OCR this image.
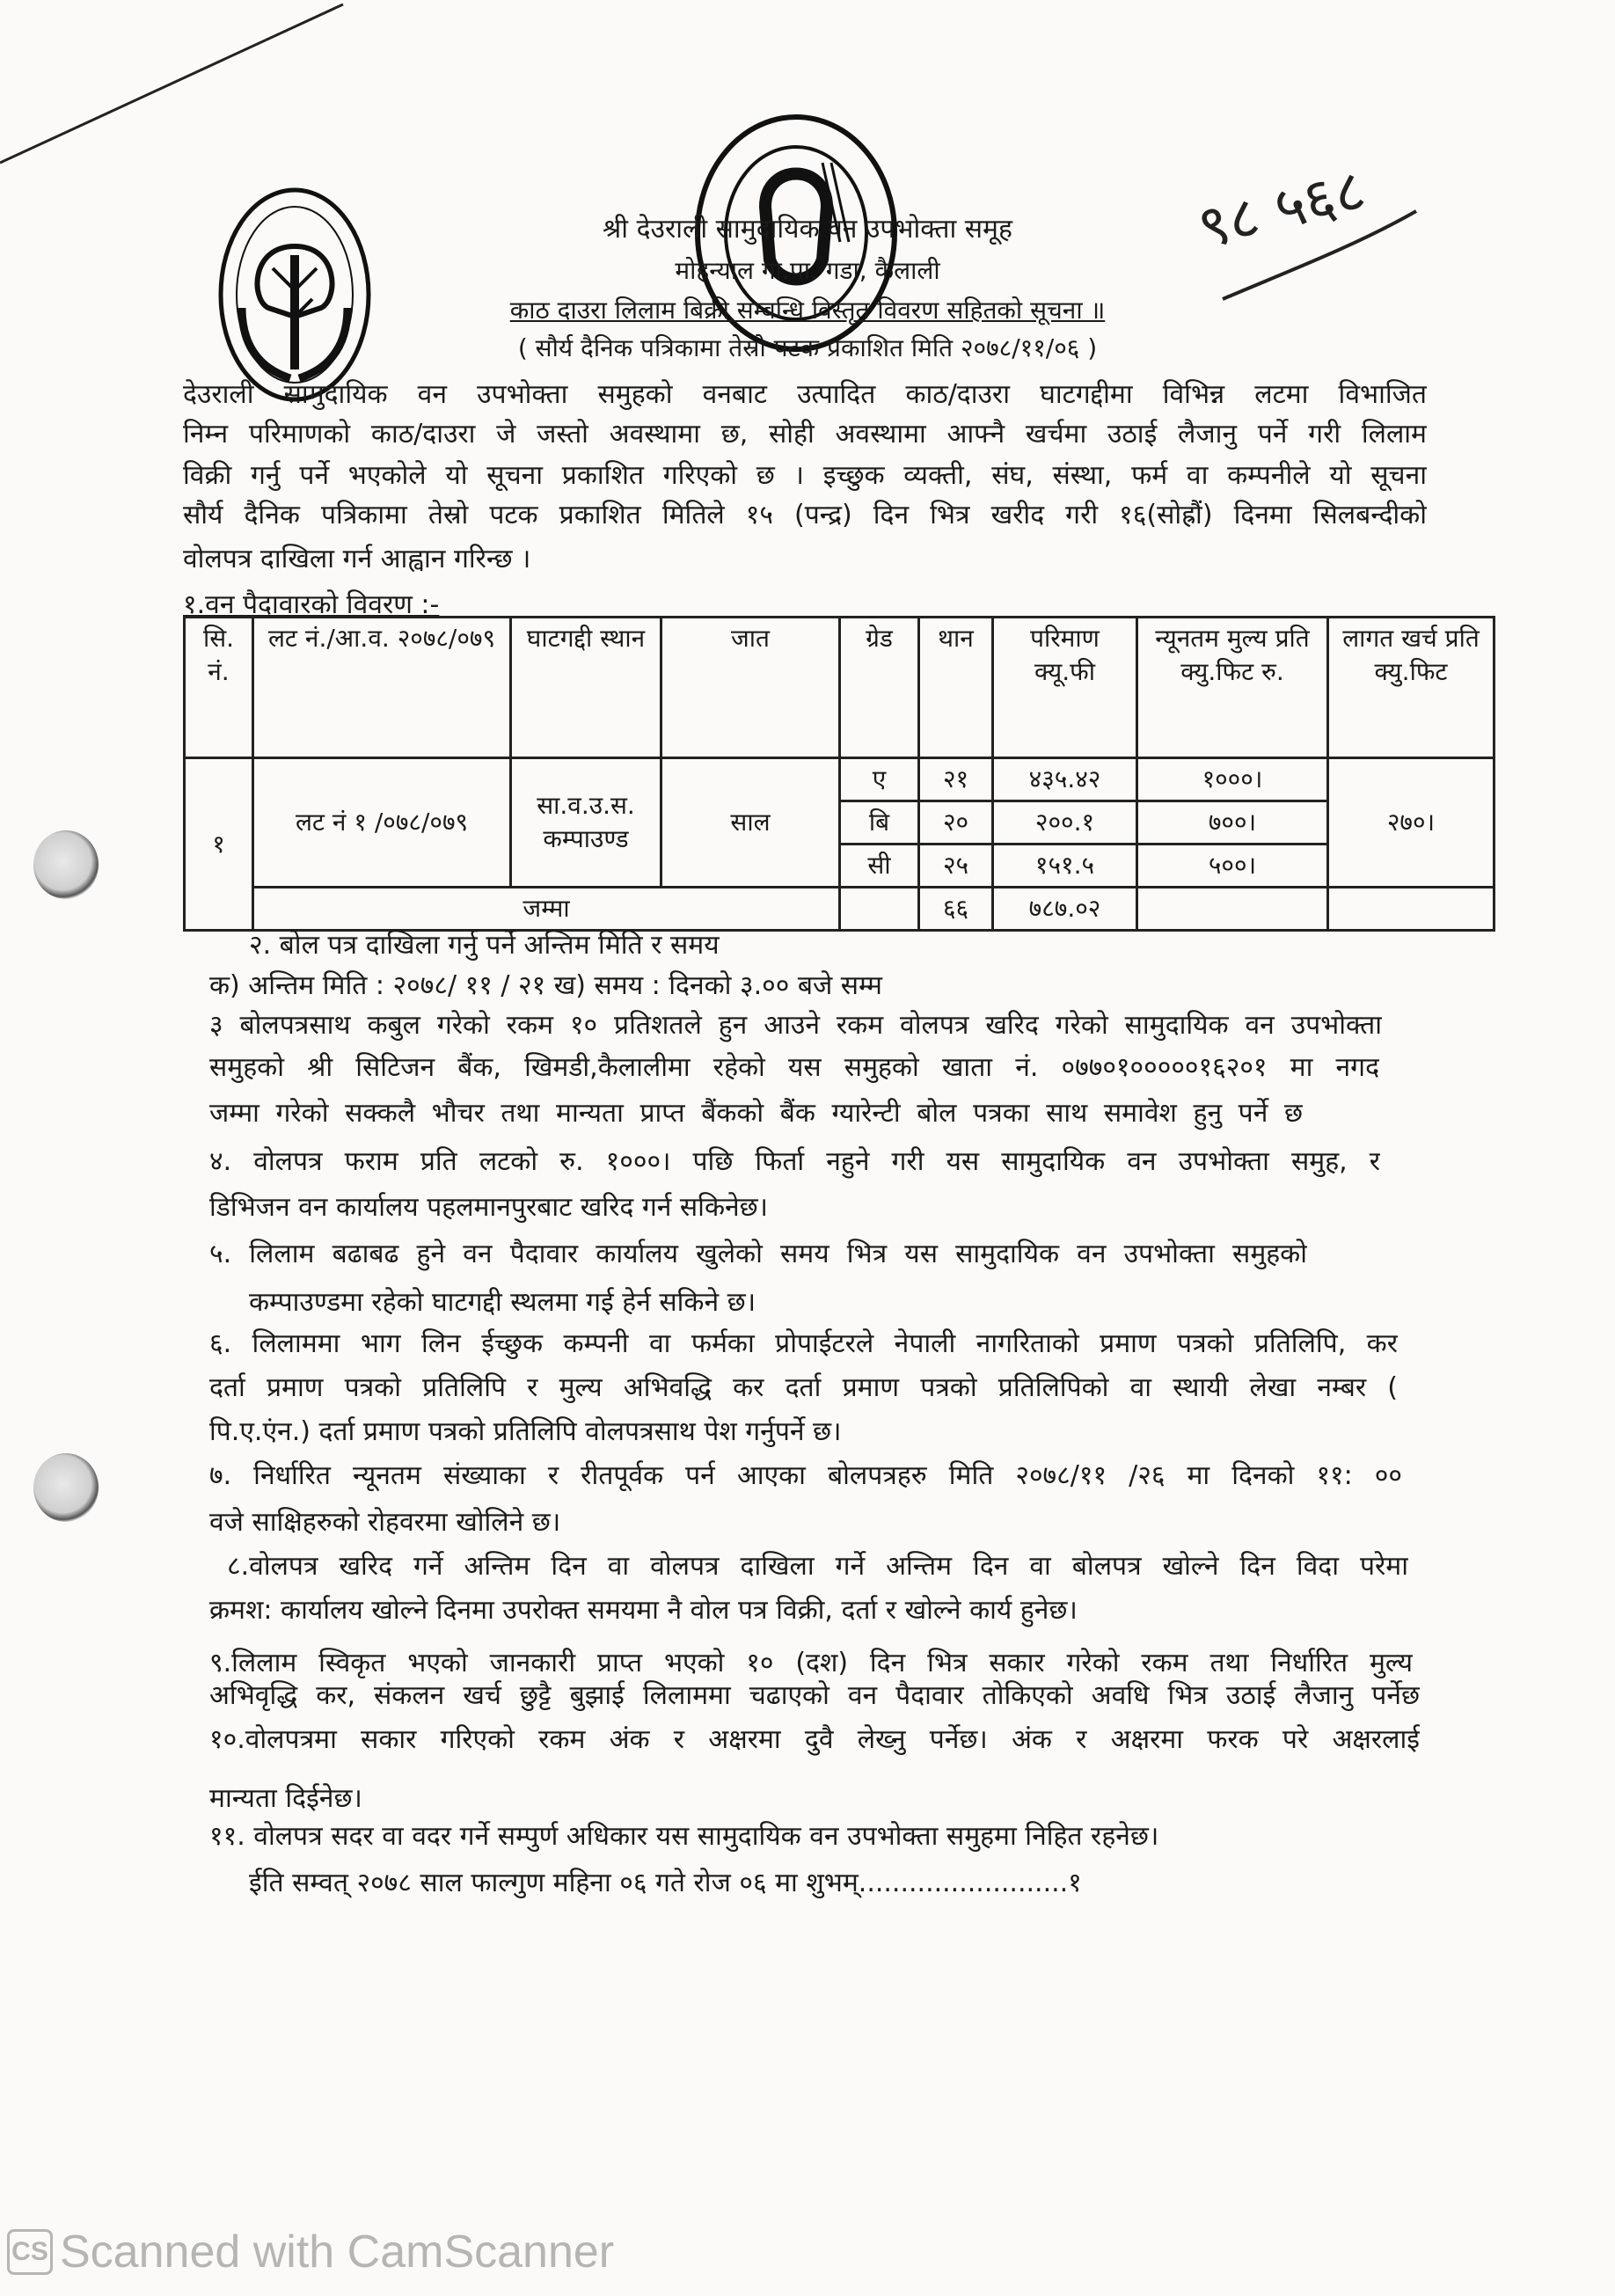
९८ ५६८
श्री देउराली सामुदायिक वन उपभोक्ता समूह
मोहन्याल गा.पा. गडा, कैलाली
काठ दाउरा लिलाम बिक्री सम्बन्धि विस्तृत विवरण सहितको सूचना ॥
( सौर्य दैनिक पत्रिकामा तेस्रो पटक प्रकाशित मिति २०७८/११/०६ )
देउराली सामुदायिक वन उपभोक्ता समुहको वनबाट उत्पादित काठ/दाउरा घाटगद्दीमा विभिन्न लटमा विभाजित
निम्न परिमाणको काठ/दाउरा जे जस्तो अवस्थामा छ, सोही अवस्थामा आफ्नै खर्चमा उठाई लैजानु पर्ने गरी लिलाम
विक्री गर्नु पर्ने भएकोले यो सूचना प्रकाशित गरिएको छ । इच्छुक व्यक्ती, संघ, संस्था, फर्म वा कम्पनीले यो सूचना
सौर्य दैनिक पत्रिकामा तेस्रो पटक प्रकाशित मितिले १५ (पन्द्र) दिन भित्र खरीद गरी १६(सोह्रौं) दिनमा सिलबन्दीको
वोलपत्र दाखिला गर्न आह्वान गरिन्छ ।
१.वन पैदावारको विवरण :-
सि. नं.	लट नं./आ.व. २०७८/०७९	घाटगद्दी स्थान	जात	ग्रेड	थान	परिमाण क्यू.फी	न्यूनतम मुल्य प्रति क्यु.फिट रु.	लागत खर्च प्रति क्यु.फिट
१	लट नं १ /०७८/०७९	सा.व.उ.स. कम्पाउण्ड	साल	ए	२१	४३५.४२	१०००।	२७०।
				बि	२०	२००.१	७००।	
				सी	२५	१५१.५	५००।	
	जम्मा				६६	७८७.०२		
२. बोल पत्र दाखिला गर्नु पर्ने अन्तिम मिति र समय
क) अन्तिम मिति : २०७८/ ११ / २१ ख) समय : दिनको ३.०० बजे सम्म
३ बोलपत्रसाथ कबुल गरेको रकम १० प्रतिशतले हुन आउने रकम वोलपत्र खरिद गरेको सामुदायिक वन उपभोक्ता
समुहको श्री सिटिजन बैंक, खिमडी,कैलालीमा रहेको यस समुहको खाता नं. ०७७०१०००००१६२०१ मा नगद
जम्मा गरेको सक्कलै भौचर तथा मान्यता प्राप्त बैंकको बैंक ग्यारेन्टी बोल पत्रका साथ समावेश हुनु पर्ने छ
४. वोलपत्र फराम प्रति लटको रु. १०००। पछि फिर्ता नहुने गरी यस सामुदायिक वन उपभोक्ता समुह, र
डिभिजन वन कार्यालय पहलमानपुरबाट खरिद गर्न सकिनेछ।
५. लिलाम बढाबढ हुने वन पैदावार कार्यालय खुलेको समय भित्र यस सामुदायिक वन उपभोक्ता समुहको
कम्पाउण्डमा रहेको घाटगद्दी स्थलमा गई हेर्न सकिने छ।
६. लिलाममा भाग लिन ईच्छुक कम्पनी वा फर्मका प्रोपाईटरले नेपाली नागरिताको प्रमाण पत्रको प्रतिलिपि, कर
दर्ता प्रमाण पत्रको प्रतिलिपि र मुल्य अभिवद्धि कर दर्ता प्रमाण पत्रको प्रतिलिपिको वा स्थायी लेखा नम्बर (
पि.ए.एंन.) दर्ता प्रमाण पत्रको प्रतिलिपि वोलपत्रसाथ पेश गर्नुपर्ने छ।
७. निर्धारित न्यूनतम संख्याका र रीतपूर्वक पर्न आएका बोलपत्रहरु मिति २०७८/११ /२६ मा दिनको ११: ००
वजे साक्षिहरुको रोहवरमा खोलिने छ।
८.वोलपत्र खरिद गर्ने अन्तिम दिन वा वोलपत्र दाखिला गर्ने अन्तिम दिन वा बोलपत्र खोल्ने दिन विदा परेमा
क्रमश: कार्यालय खोल्ने दिनमा उपरोक्त समयमा नै वोल पत्र विक्री, दर्ता र खोल्ने कार्य हुनेछ।
९.लिलाम स्विकृत भएको जानकारी प्राप्त भएको १० (दश) दिन भित्र सकार गरेको रकम तथा निर्धारित मुल्य
अभिवृद्धि कर, संकलन खर्च छुट्टै बुझाई लिलाममा चढाएको वन पैदावार तोकिएको अवधि भित्र उठाई लैजानु पर्नेछ
१०.वोलपत्रमा सकार गरिएको रकम अंक र अक्षरमा दुवै लेख्नु पर्नेछ। अंक र अक्षरमा फरक परे अक्षरलाई
मान्यता दिईनेछ।
११. वोलपत्र सदर वा वदर गर्ने सम्पुर्ण अधिकार यस सामुदायिक वन उपभोक्ता समुहमा निहित रहनेछ।
ईति सम्वत् २०७८ साल फाल्गुण महिना ०६ गते रोज ०६ मा शुभम्.........................१
CS Scanned with CamScanner
